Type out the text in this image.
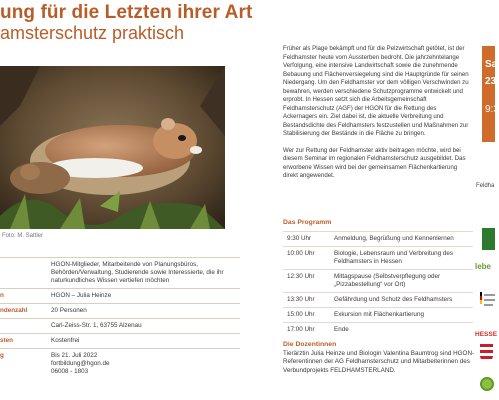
ung für die Letzten ihrer Art
amsterschutz praktisch
Foto: M. Sattler
HGON-Mitglieder, Mitarbeitende von Planungsbüros, Behörden/Verwaltung, Studierende sowie Interessierte, die ihr naturkundliches Wissen vertiefen möchten
n	HGON – Julia Heinze
ndenzahl	20 Personen
Carl-Zeiss-Str. 1, 63755 Alzenau
sten	Kostenfrei
g	Bis 21. Juli 2022
fortbildung@hgon.de
06008 - 1803

Früher als Plage bekämpft und für die Pelzwirtschaft getötet, ist der Feldhamster heute vom Aussterben bedroht. Die jahrzehntelange Verfolgung, eine intensive Landwirtschaft sowie die zunehmende Bebauung und Flächenversiegelung sind die Hauptgründe für seinen Niedergang. Um den Feldhamster vor dem völligen Verschwinden zu bewahren, werden verschiedene Schutzprogramme entwickelt und erprobt. In Hessen setzt sich die Arbeitsgemeinschaft Feldhamsterschutz (AGF) der HGON für die Rettung des Ackernagers ein. Ziel dabei ist, die aktuelle Verbreitung und Bestandsdichte des Feldhamsters festzustellen und Maßnahmen zur Stabilisierung der Bestände in die Fläche zu bringen.

Wer zur Rettung der Feldhamster aktiv beitragen möchte, wird bei diesem Seminar im regionalen Feldhamsterschutz ausgebildet. Das erworbene Wissen wird bei der gemeinsamen Flächenkartierung direkt angewendet.

Das Programm
9:30 Uhr	Anmeldung, Begrüßung und Kennenlernen
10:00 Uhr	Biologie, Lebensraum und Verbreitung des Feldhamsters in Hessen
12:30 Uhr	Mittagspause (Selbstverpflegung oder „Pizzabestellung“ vor Ort)
13:30 Uhr	Gefährdung und Schutz des Feldhamsters
15:00 Uhr	Exkursion mit Flächenkartierung
17:00 Uhr	Ende
Die Dozentinnen
Tierärztin Julia Heinze und Biologin Valentina Baumtrog sind HGON-Referentinnen der AG Feldhamsterschutz und Mitarbeiterinnen des Verbundprojekts FELDHAMSTERLAND.
Sa
23.
9:3
Feldha
lebe
HESSE
